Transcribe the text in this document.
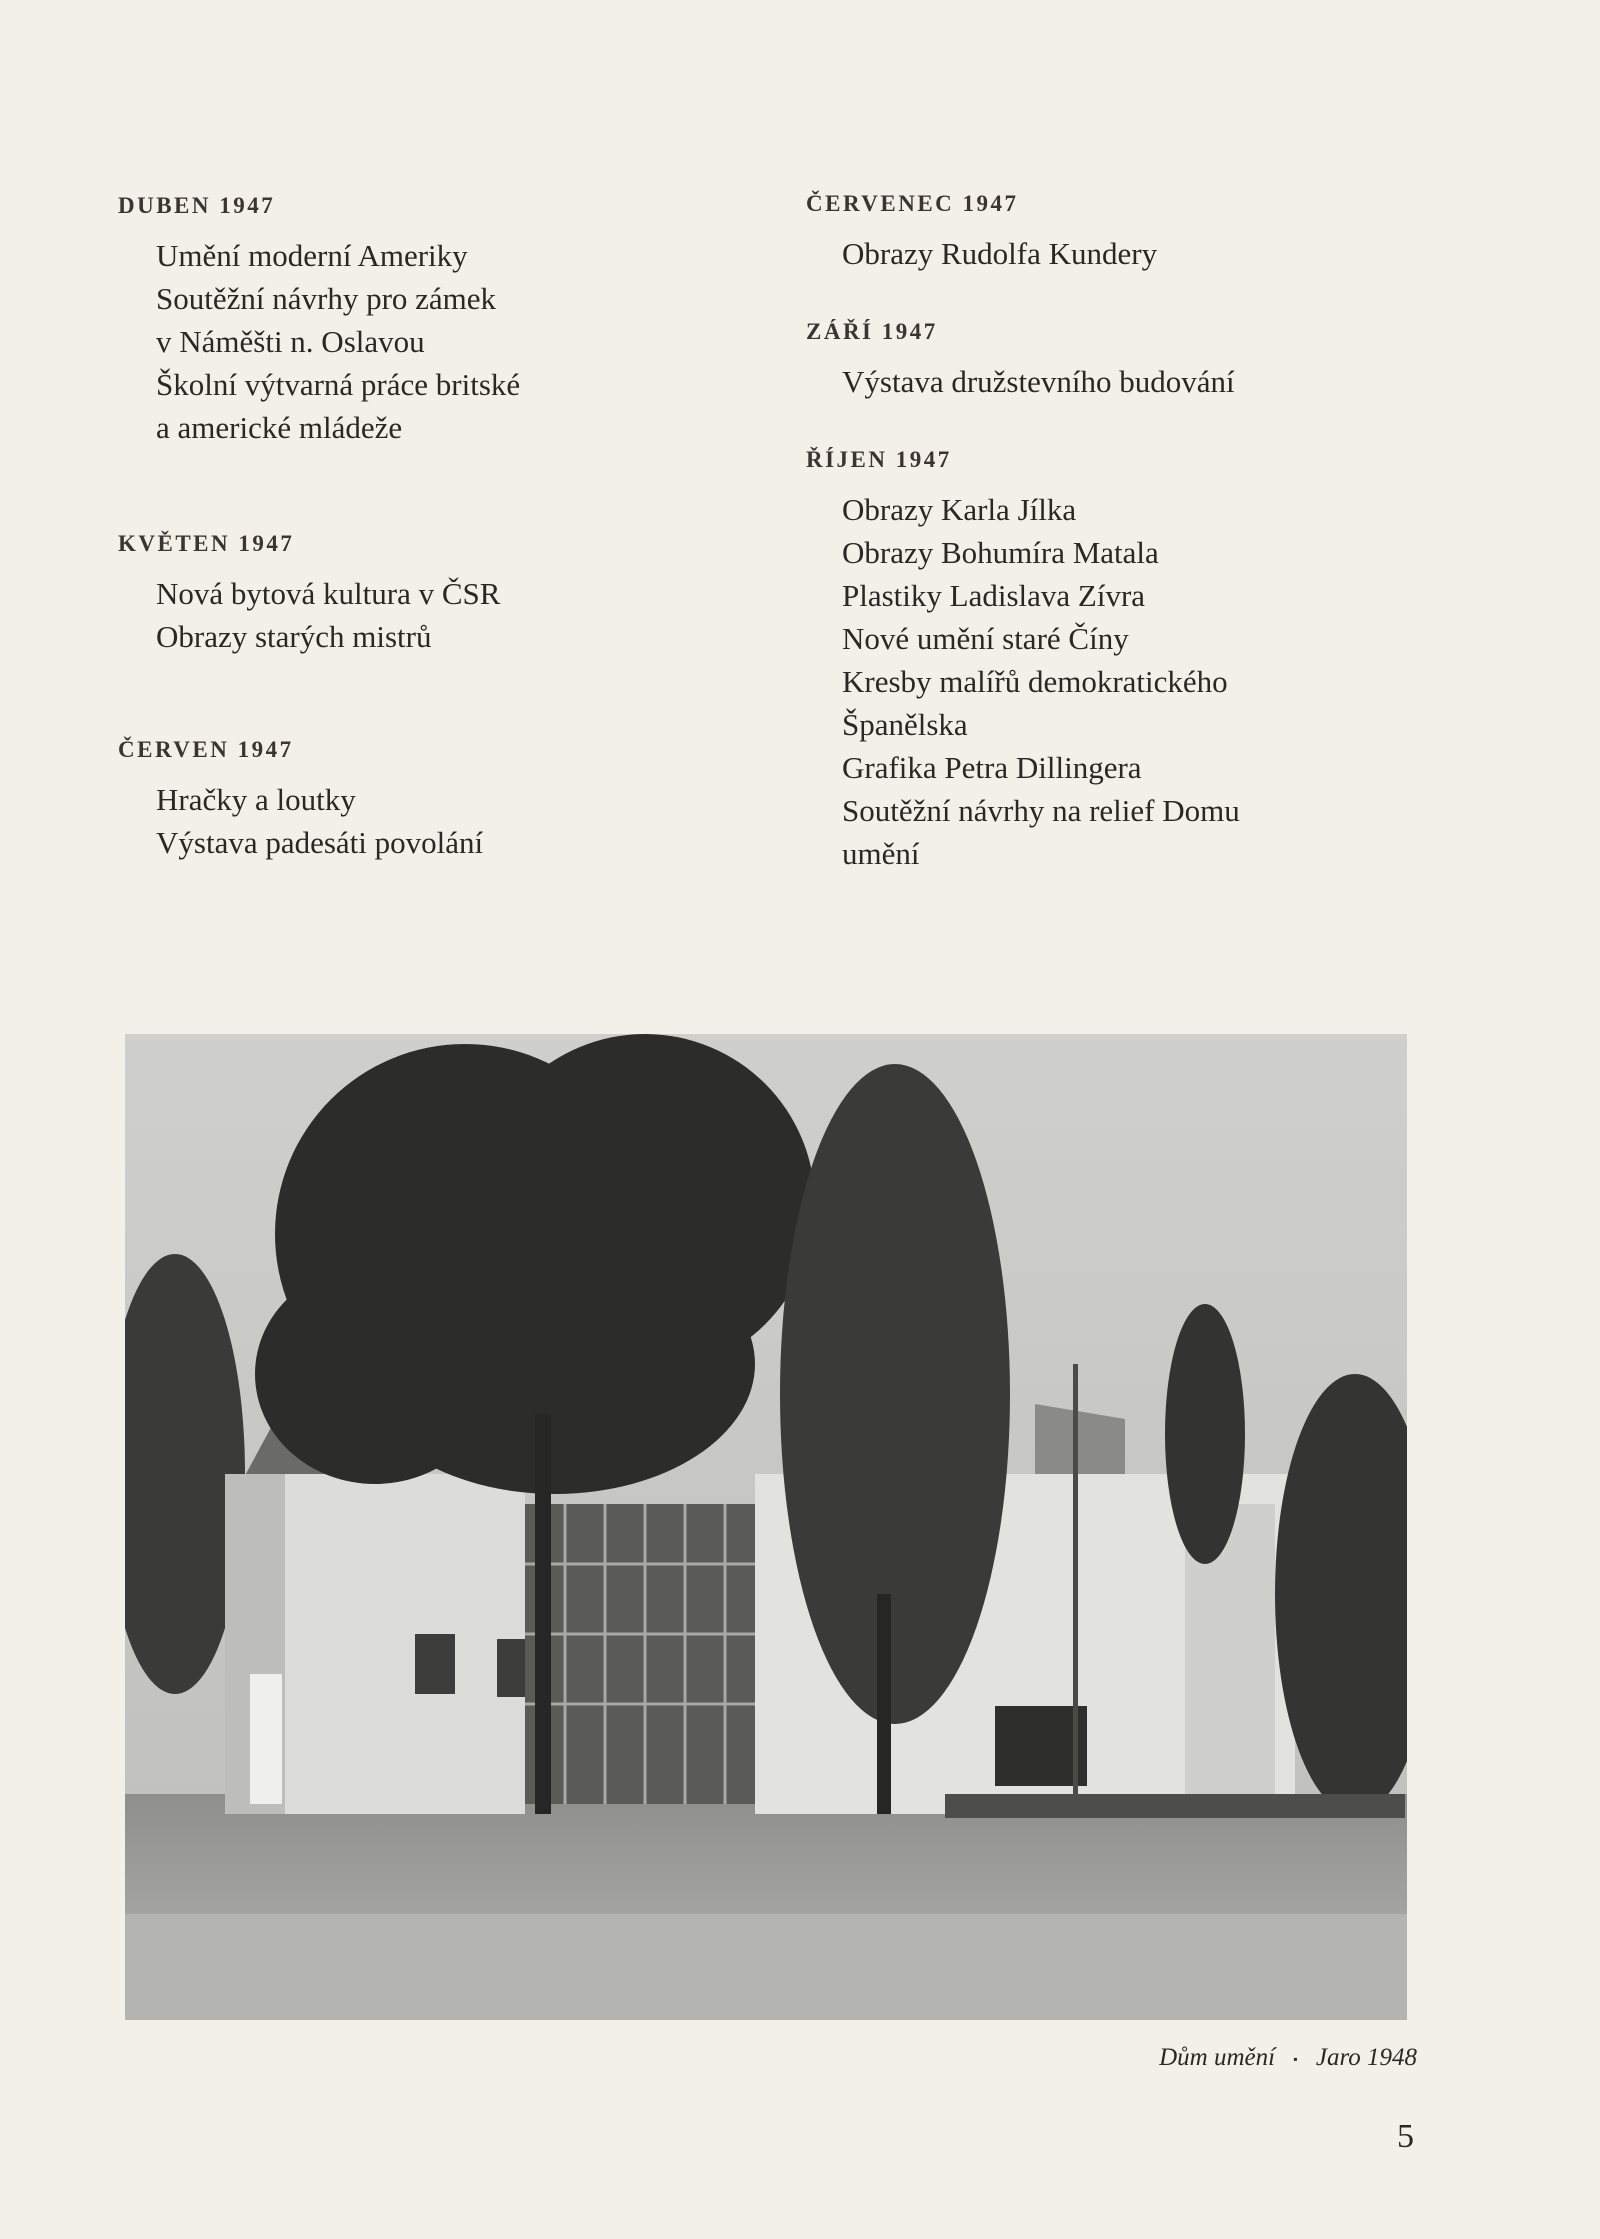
DUBEN 1947
Umění moderní Ameriky
Soutěžní návrhy pro zámek
v Náměšti n. Oslavou
Školní výtvarná práce britské
a americké mládeže
KVĚTEN 1947
Nová bytová kultura v ČSR
Obrazy starých mistrů
ČERVEN 1947
Hračky a loutky
Výstava padesáti povolání
ČERVENEC 1947
Obrazy Rudolfa Kundery
ZÁŘÍ 1947
Výstava družstevního budování
ŘÍJEN 1947
Obrazy Karla Jílka
Obrazy Bohumíra Matala
Plastiky Ladislava Zívra
Nové umění staré Číny
Kresby malířů demokratického
Španělska
Grafika Petra Dillingera
Soutěžní návrhy na relief Domu
umění
Dům umění ▪ Jaro 1948
5
